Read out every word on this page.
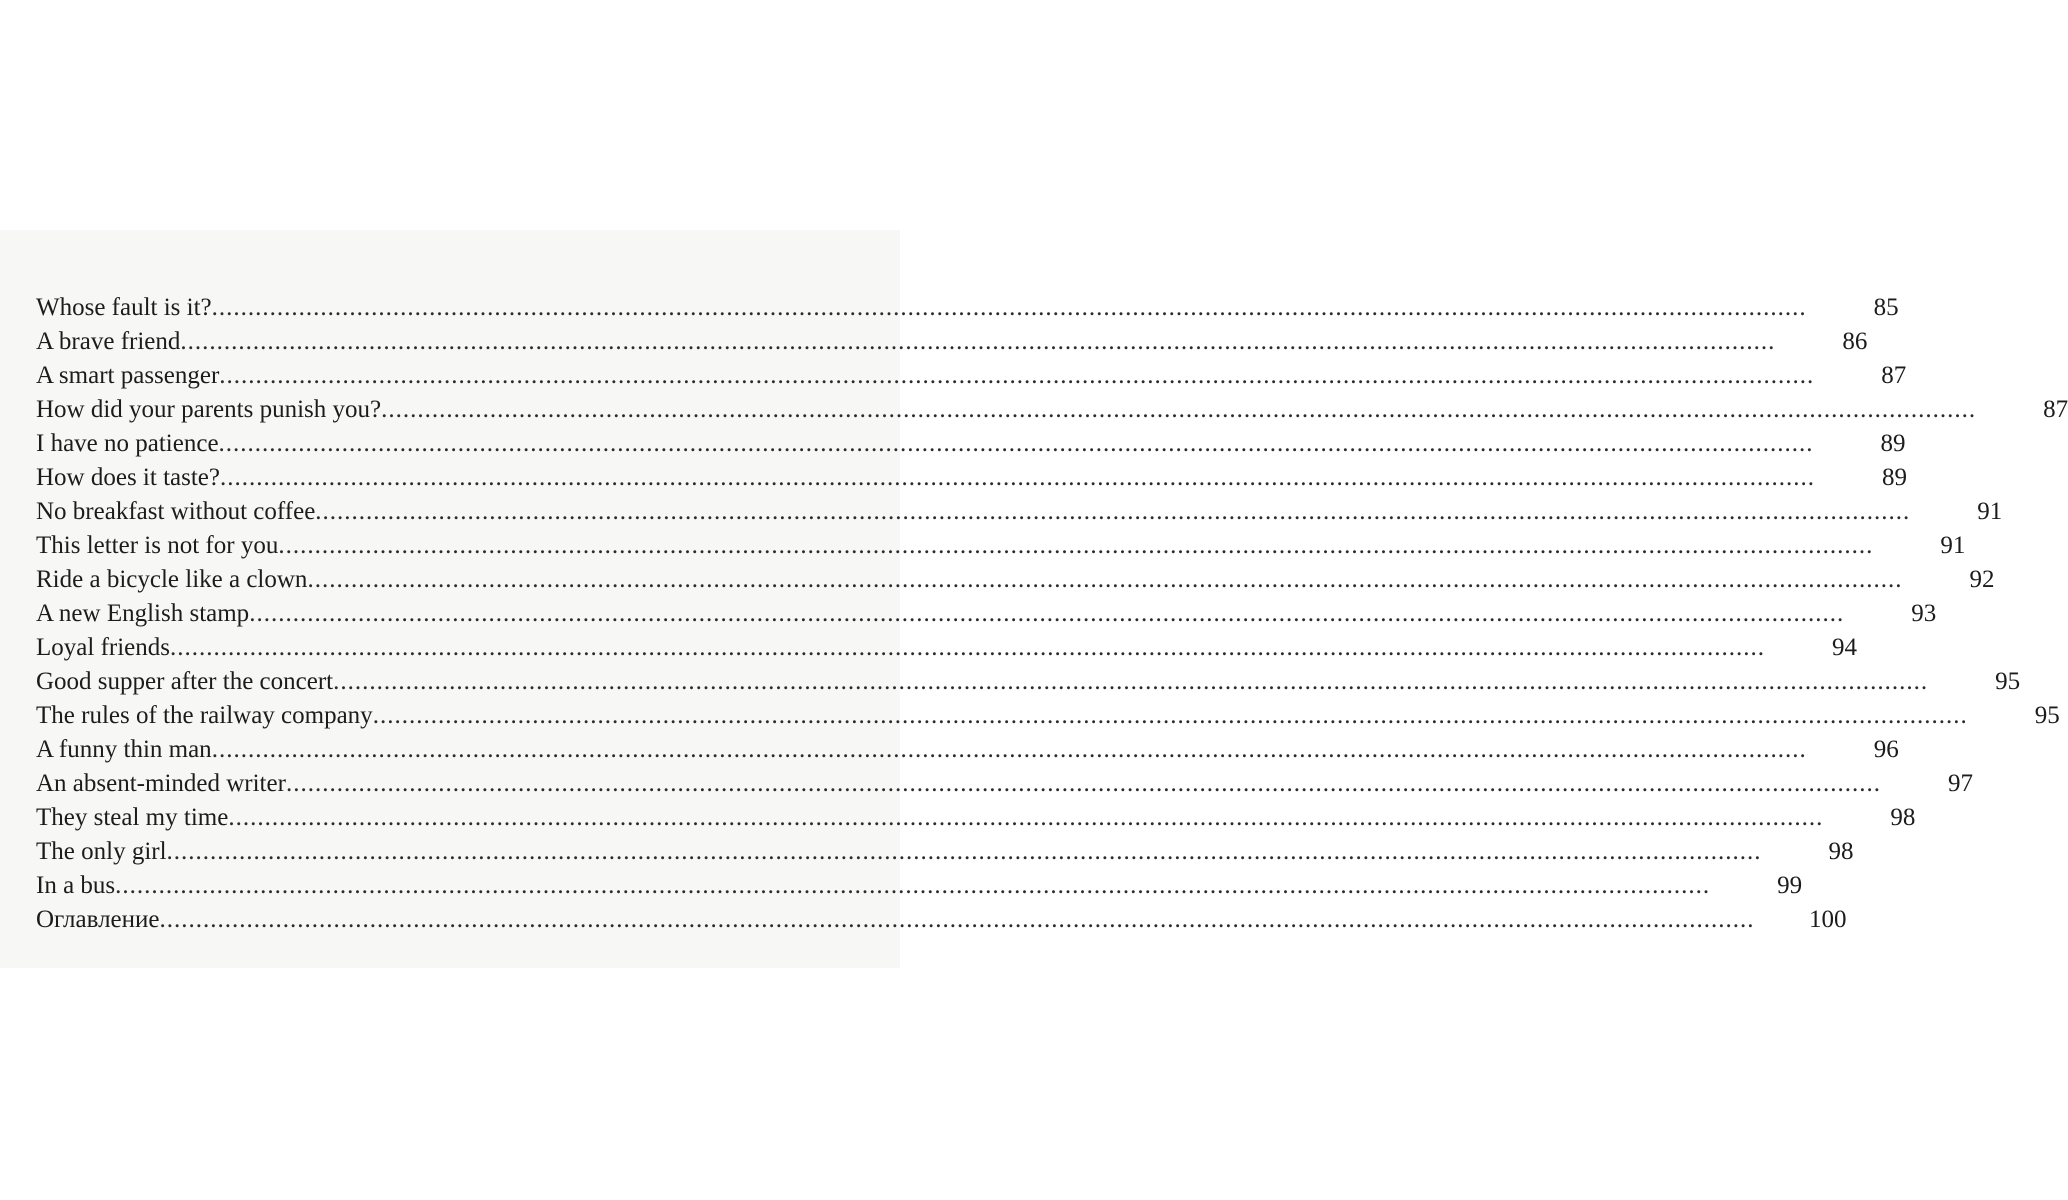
Whose fault is it? ............................................................................................................................................................................................................................	85
A brave friend ............................................................................................................................................................................................................................	86
A smart passenger ............................................................................................................................................................................................................................	87
How did your parents punish you? ............................................................................................................................................................................................................................	87
I have no patience ............................................................................................................................................................................................................................	89
How does it taste? ............................................................................................................................................................................................................................	89
No breakfast without coffee ............................................................................................................................................................................................................................	91
This letter is not for you ............................................................................................................................................................................................................................	91
Ride a bicycle like a clown ............................................................................................................................................................................................................................	92
A new English stamp ............................................................................................................................................................................................................................	93
Loyal friends ............................................................................................................................................................................................................................	94
Good supper after the concert ............................................................................................................................................................................................................................	95
The rules of the railway company ............................................................................................................................................................................................................................	95
A funny thin man ............................................................................................................................................................................................................................	96
An absent-minded writer ............................................................................................................................................................................................................................	97
They steal my time ............................................................................................................................................................................................................................	98
The only girl ............................................................................................................................................................................................................................	98
In a bus ............................................................................................................................................................................................................................	99
Оглавление ............................................................................................................................................................................................................................	100
